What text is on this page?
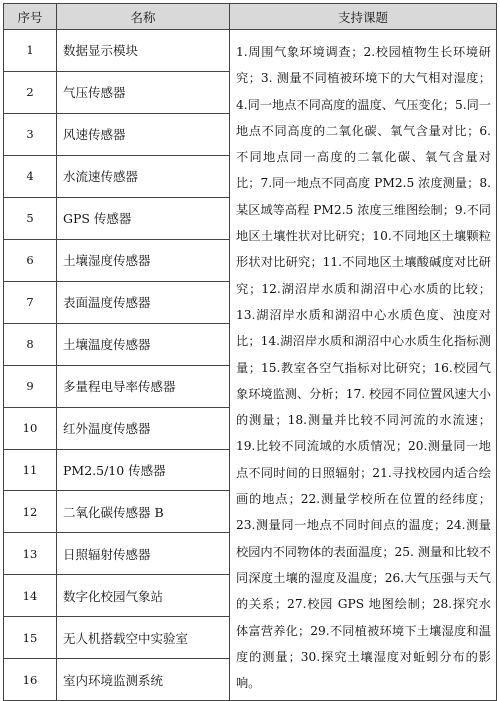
序号	名称	支持课题
1	数据显示模块	1.周围气象环境调查；2.校园植物生长环境研究；3. 测量不同植被环境下的大气相对湿度；4.同一地点不同高度的温度、气压变化；5.同一地点不同高度的二氧化碳、氧气含量对比；6.不同地点同一高度的二氧化碳、氧气含量对比；7.同一地点不同高度 PM2.5 浓度测量；8.某区域等高程 PM2.5 浓度三维图绘制；9.不同地区土壤性状对比研究；10.不同地区土壤颗粒形状对比研究；11.不同地区土壤酸碱度对比研究；12.湖沼岸水质和湖沼中心水质的比较；13.湖沼岸水质和湖沼中心水质色度、浊度对比；14.湖沼岸水质和湖沼中心水质生化指标测量；15.教室各空气指标对比研究；16.校园气象环境监测、分析；17. 校园不同位置风速大小的测量；18.测量并比较不同河流的水流速；19.比较不同流域的水质情况；20.测量同一地点不同时间的日照辐射；21.寻找校园内适合绘画的地点；22.测量学校所在位置的经纬度；23.测量同一地点不同时间点的温度；24.测量校园内不同物体的表面温度；25. 测量和比较不同深度土壤的湿度及温度；26.大气压强与天气的关系；27.校园 GPS 地图绘制；28.探究水体富营养化；29.不同植被环境下土壤湿度和温度的测量；30.探究土壤湿度对蚯蚓分布的影响。
2	气压传感器	
3	风速传感器	
4	水流速传感器	
5	GPS 传感器	
6	土壤湿度传感器	
7	表面温度传感器	
8	土壤温度传感器	
9	多量程电导率传感器	
10	红外温度传感器	
11	PM2.5/10 传感器	
12	二氧化碳传感器 B	
13	日照辐射传感器	
14	数字化校园气象站	
15	无人机搭载空中实验室	
16	室内环境监测系统	
